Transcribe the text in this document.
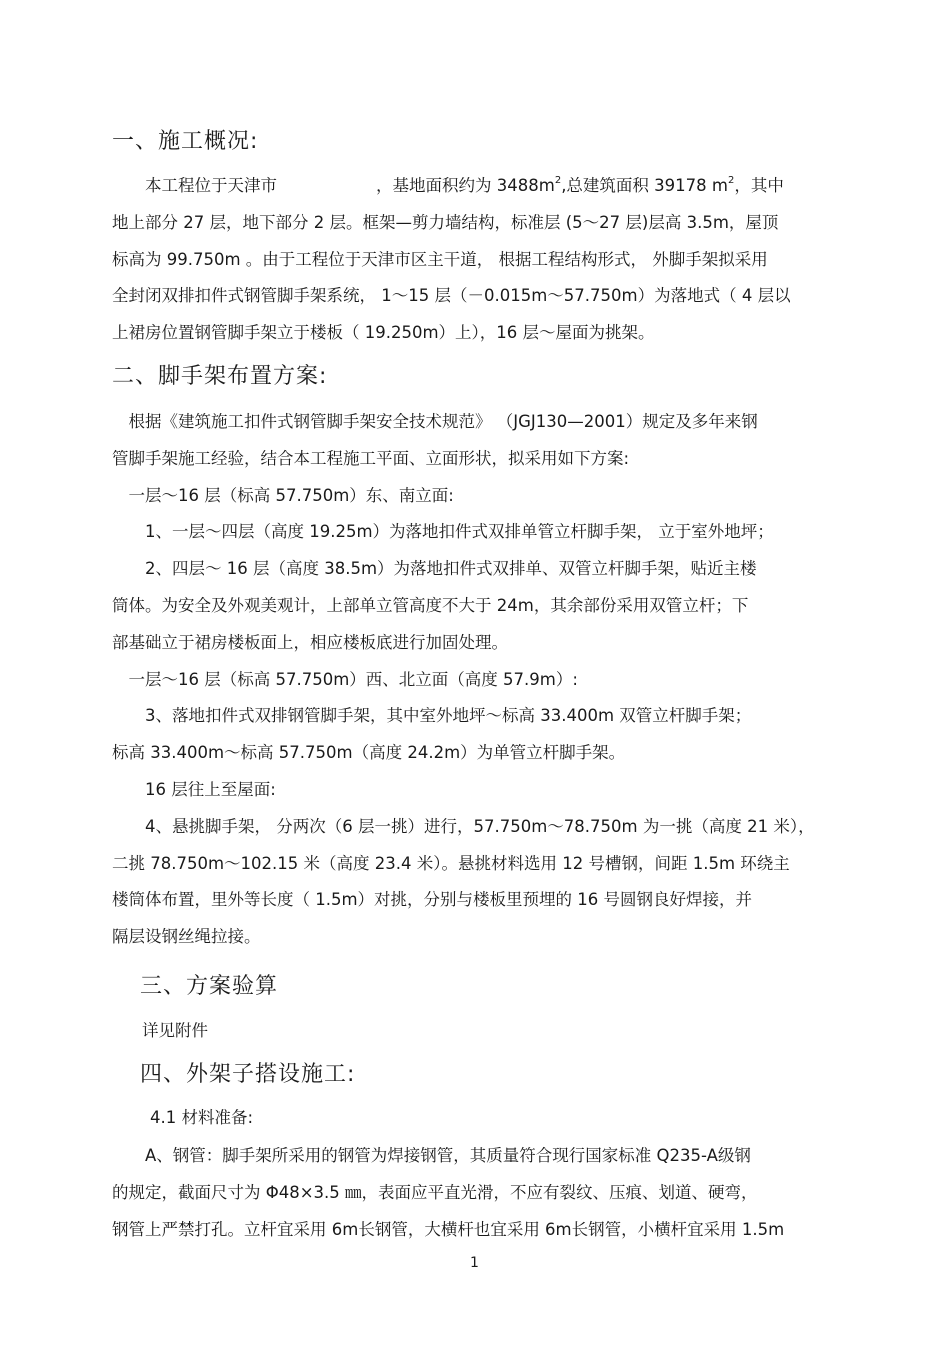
一、施工概况:
　　本工程位于天津市　　　　　　，基地面积约为 $3488m^2$,总建筑面积 39178 $m^2$，其中
地上部分 27 层，地下部分 2 层。框架—剪力墙结构，标准层 (5～27 层)层高 3.5m，屋顶
标高为 99.750m 。由于工程位于天津市区主干道， 根据工程结构形式， 外脚手架拟采用
全封闭双排扣件式钢管脚手架系统， 1～15 层（－0.015m～57.750m）为落地式（ 4 层以
上裙房位置钢管脚手架立于楼板（ 19.250m）上），16 层～屋面为挑架。
二、脚手架布置方案:
　根据《建筑施工扣件式钢管脚手架安全技术规范》 （JGJ130—2001）规定及多年来钢
管脚手架施工经验，结合本工程施工平面、立面形状，拟采用如下方案:
　一层～16 层（标高 57.750m）东、南立面:
　　1、一层～四层（高度 19.25m）为落地扣件式双排单管立杆脚手架， 立于室外地坪；
　　2、四层～ 16 层（高度 38.5m）为落地扣件式双排单、双管立杆脚手架，贴近主楼
筒体。为安全及外观美观计，上部单立管高度不大于 24m，其余部份采用双管立杆；下
部基础立于裙房楼板面上，相应楼板底进行加固处理。
　一层～16 层（标高 57.750m）西、北立面（高度 57.9m）:
　　3、落地扣件式双排钢管脚手架，其中室外地坪～标高 33.400m 双管立杆脚手架；
标高 33.400m～标高 57.750m（高度 24.2m）为单管立杆脚手架。
　　16 层往上至屋面:
　　4、悬挑脚手架， 分两次（6 层一挑）进行，57.750m～78.750m 为一挑（高度 21 米），
二挑 78.750m～102.15 米（高度 23.4 米）。悬挑材料选用 12 号槽钢，间距 1.5m 环绕主
楼筒体布置，里外等长度（ 1.5m）对挑，分别与楼板里预埋的 16 号圆钢良好焊接，并
隔层设钢丝绳拉接。
三、方案验算
详见附件
四、外架子搭设施工:
4.1 材料准备:
　　A、钢管：脚手架所采用的钢管为焊接钢管，其质量符合现行国家标准 Q235-A级钢
的规定，截面尺寸为 Φ48×3.5 ㎜，表面应平直光滑，不应有裂纹、压痕、划道、硬弯，
钢管上严禁打孔。立杆宜采用 6m长钢管，大横杆也宜采用 6m长钢管，小横杆宜采用 1.5m
1
